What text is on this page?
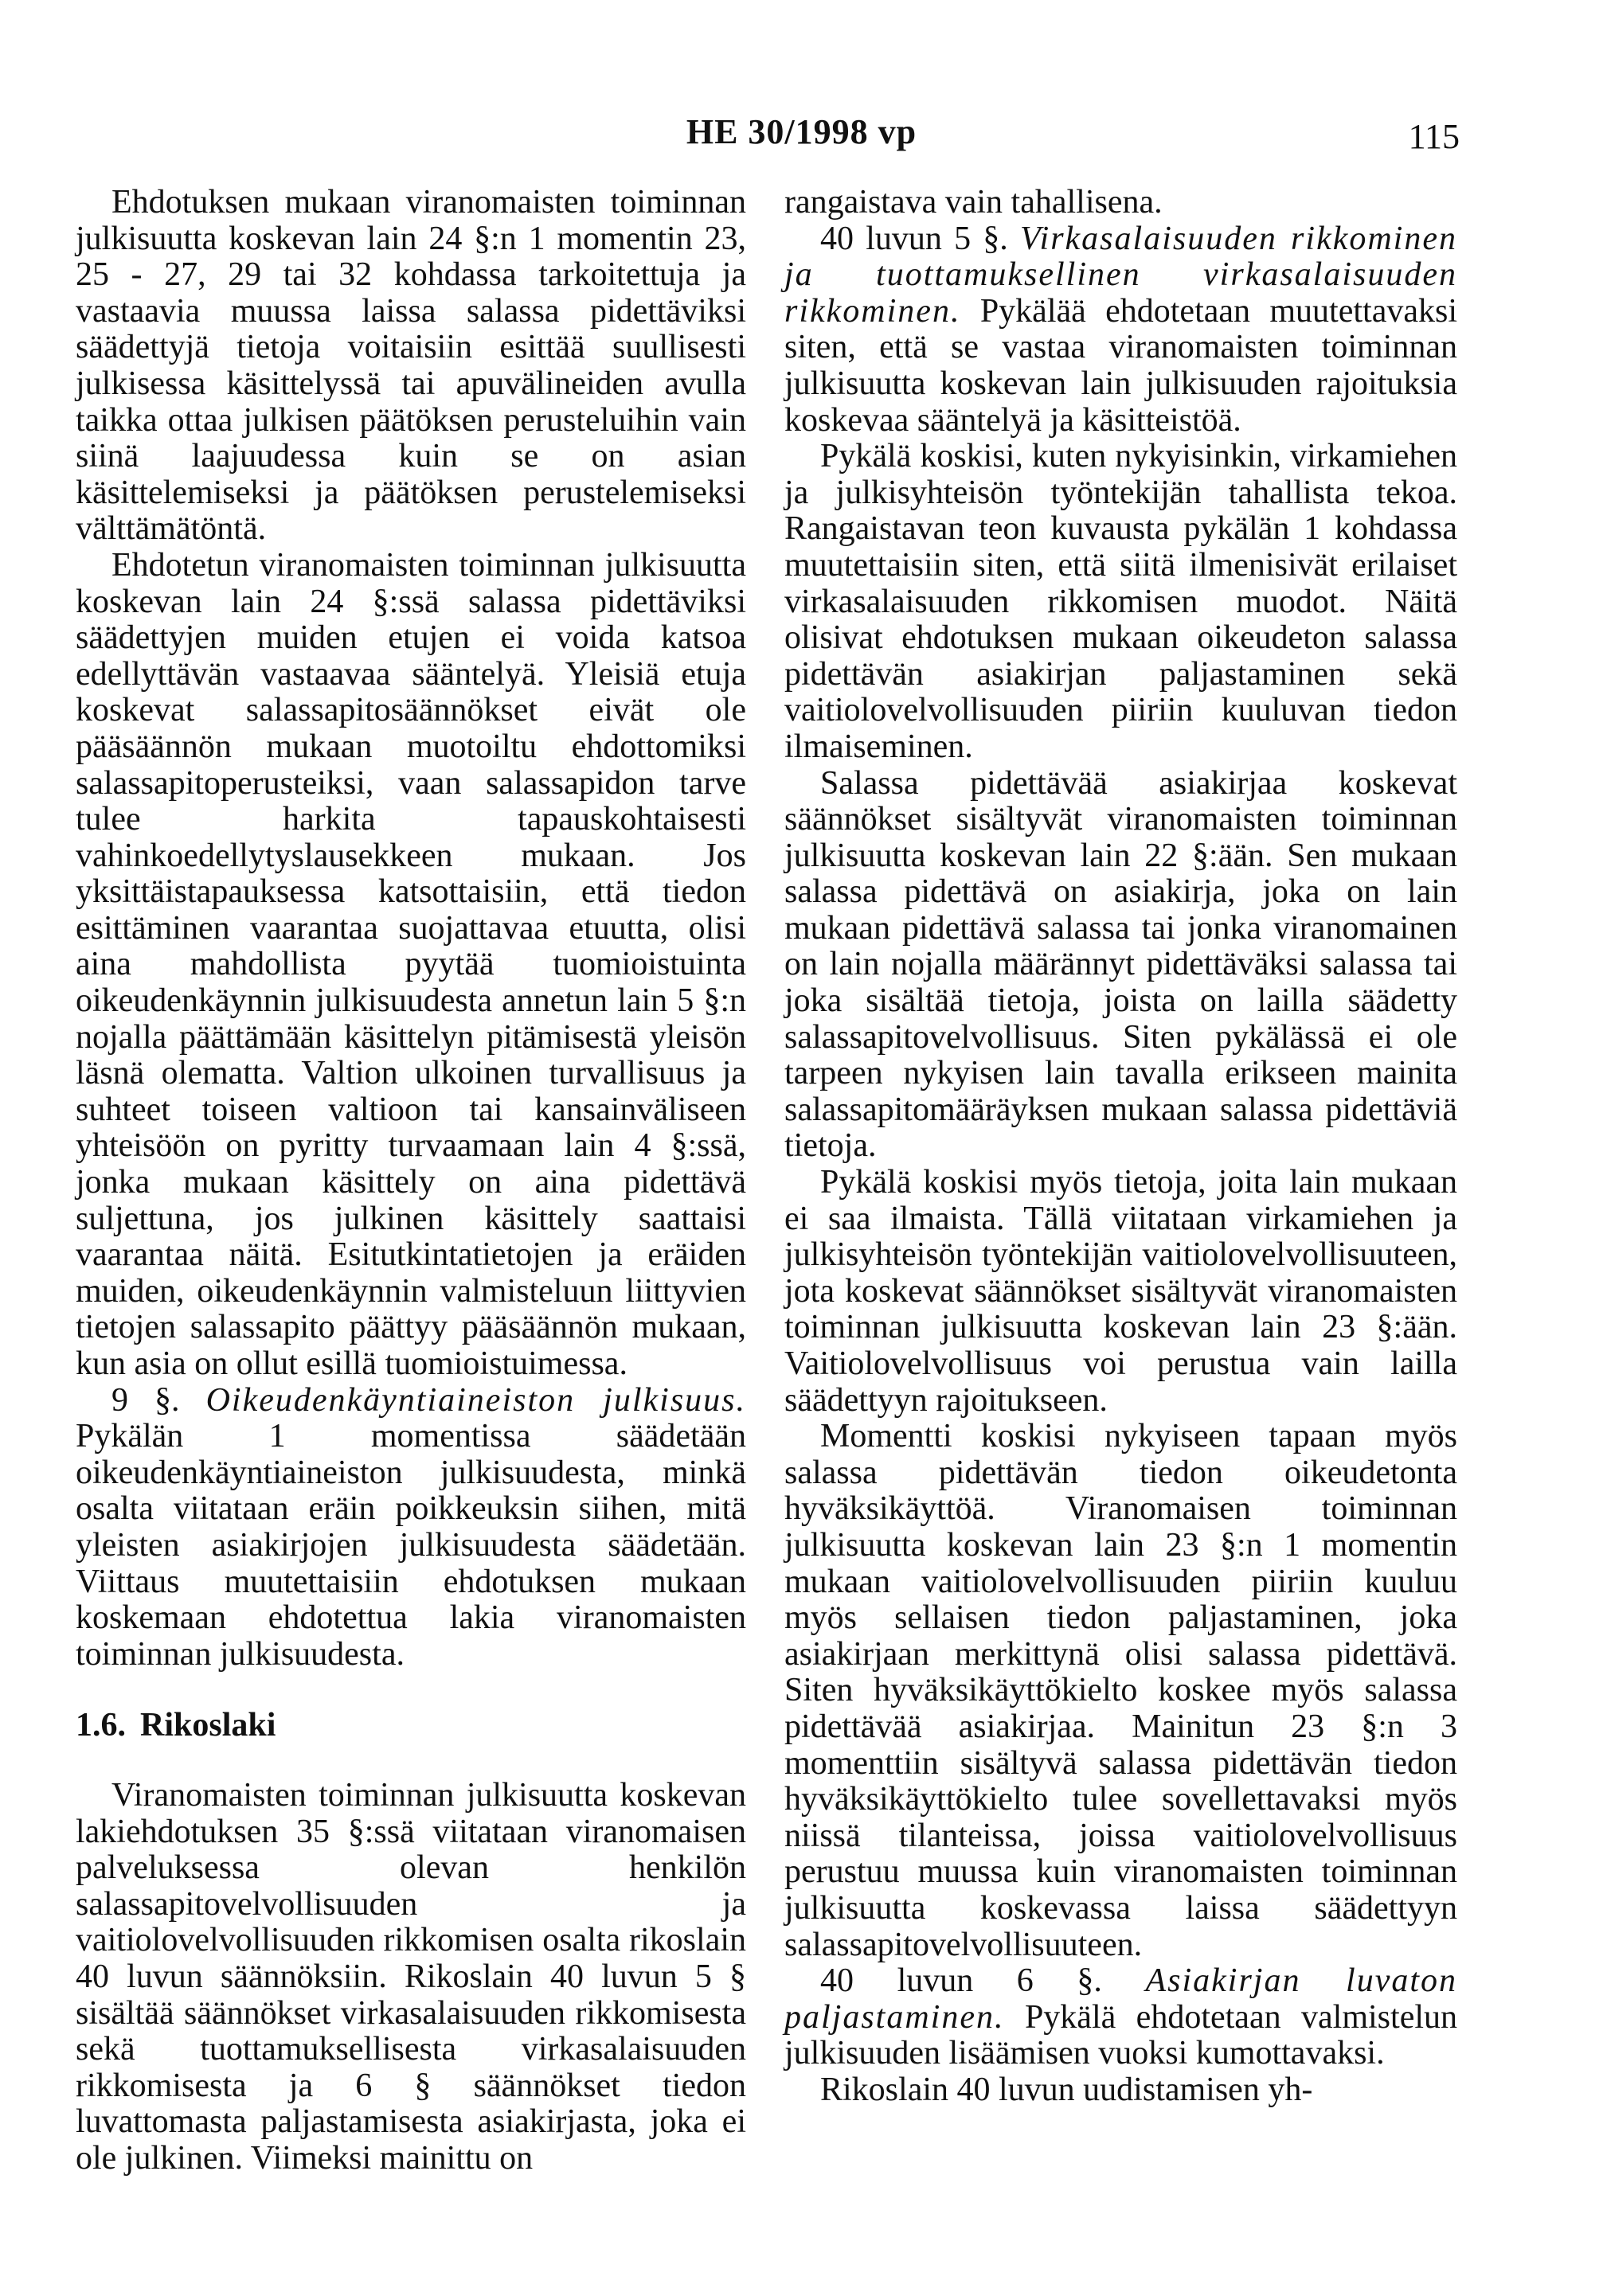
HE 30/1998 vp	115

Ehdotuksen mukaan viranomaisten toiminnan julkisuutta koskevan lain 24 §:n 1 momentin 23, 25 - 27, 29 tai 32 kohdassa tarkoitettuja ja vastaavia muussa laissa salassa pidettäviksi säädettyjä tietoja voitaisiin esittää suullisesti julkisessa käsittelyssä tai apuvälineiden avulla taikka ottaa julkisen päätöksen perusteluihin vain siinä laajuudessa kuin se on asian käsittelemiseksi ja päätöksen perustelemiseksi välttämätöntä.

Ehdotetun viranomaisten toiminnan julkisuutta koskevan lain 24 §:ssä salassa pidettäviksi säädettyjen muiden etujen ei voida katsoa edellyttävän vastaavaa sääntelyä. Yleisiä etuja koskevat salassapitosäännökset eivät ole pääsäännön mukaan muotoiltu ehdottomiksi salassapitoperusteiksi, vaan salassapidon tarve tulee harkita tapauskohtaisesti vahinkoedellytyslausekkeen mukaan. Jos yksittäistapauksessa katsottaisiin, että tiedon esittäminen vaarantaa suojattavaa etuutta, olisi aina mahdollista pyytää tuomioistuinta oikeudenkäynnin julkisuudesta annetun lain 5 §:n nojalla päättämään käsittelyn pitämisestä yleisön läsnä olematta. Valtion ulkoinen turvallisuus ja suhteet toiseen valtioon tai kansainväliseen yhteisöön on pyritty turvaamaan lain 4 §:ssä, jonka mukaan käsittely on aina pidettävä suljettuna, jos julkinen käsittely saattaisi vaarantaa näitä. Esitutkintatietojen ja eräiden muiden, oikeudenkäynnin valmisteluun liittyvien tietojen salassapito päättyy pääsäännön mukaan, kun asia on ollut esillä tuomioistuimessa.

9 §. Oikeudenkäyntiaineiston julkisuus. Pykälän 1 momentissa säädetään oikeudenkäyntiaineiston julkisuudesta, minkä osalta viitataan eräin poikkeuksin siihen, mitä yleisten asiakirjojen julkisuudesta säädetään. Viittaus muutettaisiin ehdotuksen mukaan koskemaan ehdotettua lakia viranomaisten toiminnan julkisuudesta.

1.6. Rikoslaki

Viranomaisten toiminnan julkisuutta koskevan lakiehdotuksen 35 §:ssä viitataan viranomaisen palveluksessa olevan henkilön salassapitovelvollisuuden ja vaitiolovelvollisuuden rikkomisen osalta rikoslain 40 luvun säännöksiin. Rikoslain 40 luvun 5 § sisältää säännökset virkasalaisuuden rikkomisesta sekä tuottamuksellisesta virkasalaisuuden rikkomisesta ja 6 § säännökset tiedon luvattomasta paljastamisesta asiakirjasta, joka ei ole julkinen. Viimeksi mainittu on

rangaistava vain tahallisena.

40 luvun 5 §. Virkasalaisuuden rikkominen ja tuottamuksellinen virkasalaisuuden rikkominen. Pykälää ehdotetaan muutettavaksi siten, että se vastaa viranomaisten toiminnan julkisuutta koskevan lain julkisuuden rajoituksia koskevaa sääntelyä ja käsitteistöä.

Pykälä koskisi, kuten nykyisinkin, virkamiehen ja julkisyhteisön työntekijän tahallista tekoa. Rangaistavan teon kuvausta pykälän 1 kohdassa muutettaisiin siten, että siitä ilmenisivät erilaiset virkasalaisuuden rikkomisen muodot. Näitä olisivat ehdotuksen mukaan oikeudeton salassa pidettävän asiakirjan paljastaminen sekä vaitiolovelvollisuuden piiriin kuuluvan tiedon ilmaiseminen.

Salassa pidettävää asiakirjaa koskevat säännökset sisältyvät viranomaisten toiminnan julkisuutta koskevan lain 22 §:ään. Sen mukaan salassa pidettävä on asiakirja, joka on lain mukaan pidettävä salassa tai jonka viranomainen on lain nojalla määrännyt pidettäväksi salassa tai joka sisältää tietoja, joista on lailla säädetty salassapitovelvollisuus. Siten pykälässä ei ole tarpeen nykyisen lain tavalla erikseen mainita salassapitomääräyksen mukaan salassa pidettäviä tietoja.

Pykälä koskisi myös tietoja, joita lain mukaan ei saa ilmaista. Tällä viitataan virkamiehen ja julkisyhteisön työntekijän vaitiolovelvollisuuteen, jota koskevat säännökset sisältyvät viranomaisten toiminnan julkisuutta koskevan lain 23 §:ään. Vaitiolovelvollisuus voi perustua vain lailla säädettyyn rajoitukseen.

Momentti koskisi nykyiseen tapaan myös salassa pidettävän tiedon oikeudetonta hyväksikäyttöä. Viranomaisen toiminnan julkisuutta koskevan lain 23 §:n 1 momentin mukaan vaitiolovelvollisuuden piiriin kuuluu myös sellaisen tiedon paljastaminen, joka asiakirjaan merkittynä olisi salassa pidettävä. Siten hyväksikäyttökielto koskee myös salassa pidettävää asiakirjaa. Mainitun 23 §:n 3 momenttiin sisältyvä salassa pidettävän tiedon hyväksikäyttökielto tulee sovellettavaksi myös niissä tilanteissa, joissa vaitiolovelvollisuus perustuu muussa kuin viranomaisten toiminnan julkisuutta koskevassa laissa säädettyyn salassapitovelvollisuuteen.

40 luvun 6 §. Asiakirjan luvaton paljastaminen. Pykälä ehdotetaan valmistelun julkisuuden lisäämisen vuoksi kumottavaksi.

Rikoslain 40 luvun uudistamisen yh-
